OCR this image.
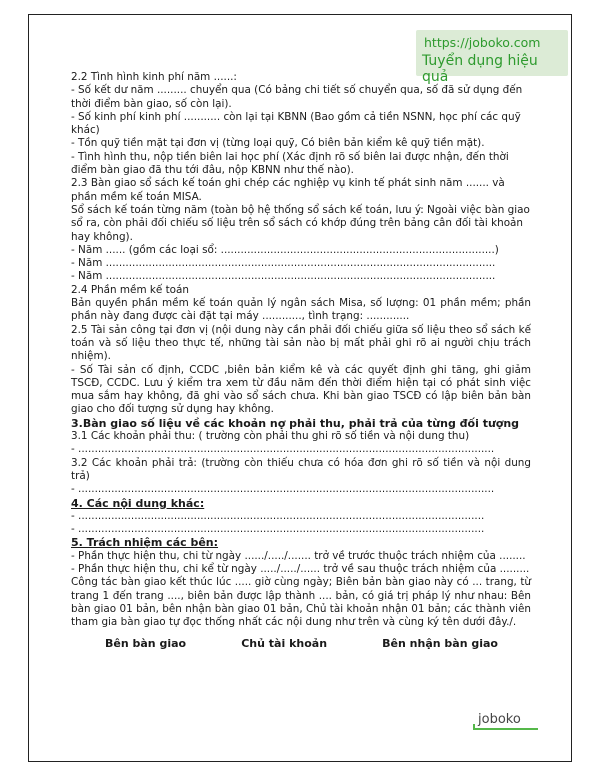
https://joboko.com
Tuyển dụng hiệu quả

2.2 Tình hình kinh phí năm ......:

- Số kết dư năm ......... chuyển qua (Có bảng chi tiết số chuyển qua, số đã sử dụng đến thời điểm bàn giao, số còn lại).

- Số kinh phí kinh phí ........... còn lại tại KBNN (Bao gồm cả tiền NSNN, học phí các quỹ khác)

- Tồn quỹ tiền mặt tại đơn vị (từng loại quỹ, Có biên bản kiểm kê quỹ tiền mặt).

- Tình hình thu, nộp tiền biên lai học phí (Xác định rõ số biên lai được nhận, đến thời điểm bàn giao đã thu tới đâu, nộp KBNN như thế nào).

2.3 Bàn giao sổ sách kế toán ghi chép các nghiệp vụ kinh tế phát sinh năm ....... và phần mềm kế toán MISA.

Sổ sách kế toán từng năm (toàn bộ hệ thống sổ sách kế toán, lưu ý: Ngoài việc bàn giao sổ ra, còn phải đối chiếu số liệu trên sổ sách có khớp đúng trên bảng cân đối tài khoản hay không).

- Năm ...... (gồm các loại sổ: ...................................................................................)

- Năm ......................................................................................................................

- Năm ......................................................................................................................

2.4 Phần mềm kế toán

Bản quyền phần mềm kế toán quản lý ngân sách Misa, số lượng: 01 phần mềm; phần phần này đang được cài đặt tại máy ............, tình trạng: .............

2.5 Tài sản công tại đơn vị (nội dung này cần phải đối chiếu giữa số liệu theo sổ sách kế toán và số liệu theo thực tế, những tài sản nào bị mất phải ghi rõ ai người chịu trách nhiệm).

- Số Tài sản cố định, CCDC ,biên bản kiểm kê và các quyết định ghi tăng, ghi giảm TSCĐ, CCDC. Lưu ý kiểm tra xem từ đầu năm đến thời điểm hiện tại có phát sinh việc mua sắm hay không, đã ghi vào sổ sách chưa. Khi bàn giao TSCĐ có lập biên bản bàn giao cho đối tượng sử dụng hay không.

3.Bàn giao số liệu về các khoản nợ phải thu, phải trả của từng đối tượng

3.1 Các khoản phải thu: ( trường còn phải thu ghi rõ số tiền và nội dung thu)

- ..............................................................................................................................

3.2 Các khoản phải trả: (trường còn thiếu chưa có hóa đơn ghi rõ số tiền và nội dung trả)

- ..............................................................................................................................

4. Các nội dung khác:

- ...........................................................................................................................

- ...........................................................................................................................

5. Trách nhiệm các bên:

- Phần thực hiện thu, chi từ ngày ....../...../....... trở về trước thuộc trách nhiệm của ........

- Phần thực hiện thu, chi kể từ ngày ...../...../...... trở về sau thuộc trách nhiệm của .........

Công tác bàn giao kết thúc lúc ..... giờ cùng ngày; Biên bản bàn giao này có ... trang, từ trang 1 đến trang ...., biên bản được lập thành .... bản, có giá trị pháp lý như nhau: Bên bàn giao 01 bản, bên nhận bàn giao 01 bản, Chủ tài khoản nhận 01 bản; các thành viên tham gia bàn giao tự đọc thống nhất các nội dung như trên và cùng ký tên dưới đây./.

Bên bàn giao	Chủ tài khoản	Bên nhận bàn giao
joboko
